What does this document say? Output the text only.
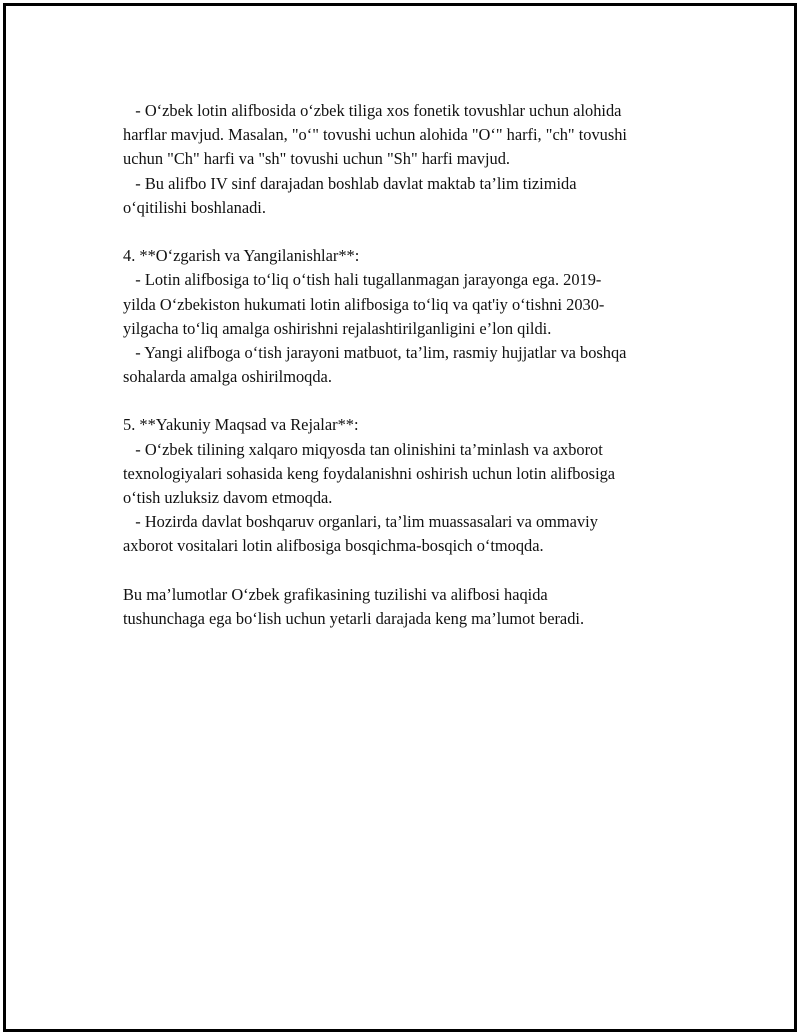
- O‘zbek lotin alifbosida o‘zbek tiliga xos fonetik tovushlar uchun alohida
harflar mavjud. Masalan, "o‘" tovushi uchun alohida "O‘" harfi, "ch" tovushi
uchun "Ch" harfi va "sh" tovushi uchun "Sh" harfi mavjud.
- Bu alifbo IV sinf darajadan boshlab davlat maktab ta’lim tizimida
o‘qitilishi boshlanadi.
4. **O‘zgarish va Yangilanishlar**:
- Lotin alifbosiga to‘liq o‘tish hali tugallanmagan jarayonga ega. 2019-
yilda O‘zbekiston hukumati lotin alifbosiga to‘liq va qat'iy o‘tishni 2030-
yilgacha to‘liq amalga oshirishni rejalashtirilganligini e’lon qildi.
- Yangi alifboga o‘tish jarayoni matbuot, ta’lim, rasmiy hujjatlar va boshqa
sohalarda amalga oshirilmoqda.
5. **Yakuniy Maqsad va Rejalar**:
- O‘zbek tilining xalqaro miqyosda tan olinishini ta’minlash va axborot
texnologiyalari sohasida keng foydalanishni oshirish uchun lotin alifbosiga
o‘tish uzluksiz davom etmoqda.
- Hozirda davlat boshqaruv organlari, ta’lim muassasalari va ommaviy
axborot vositalari lotin alifbosiga bosqichma-bosqich o‘tmoqda.
Bu ma’lumotlar O‘zbek grafikasining tuzilishi va alifbosi haqida
tushunchaga ega bo‘lish uchun yetarli darajada keng ma’lumot beradi.
